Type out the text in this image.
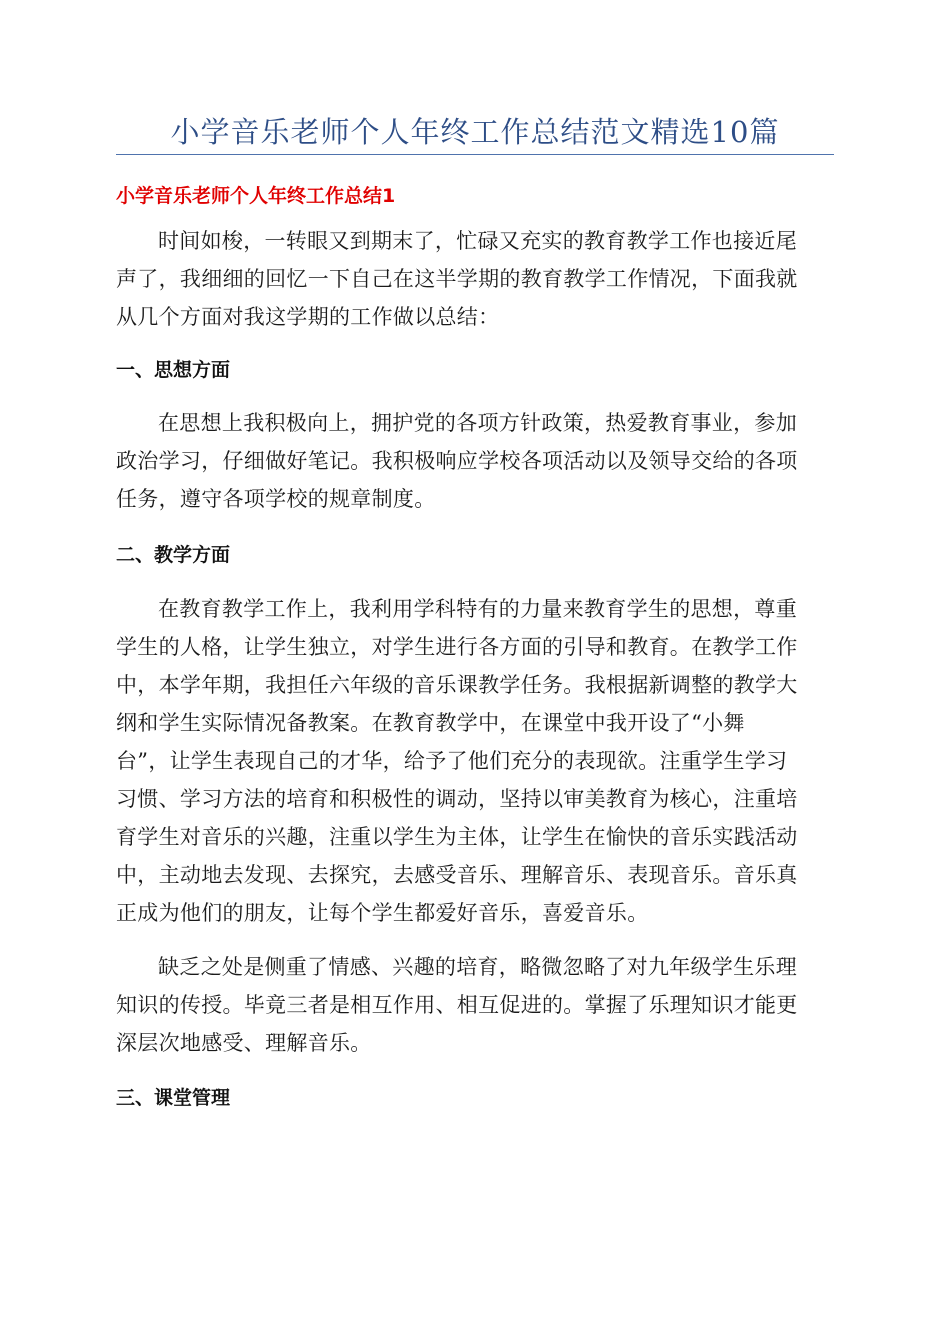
小学音乐老师个人年终工作总结范文精选10篇
小学音乐老师个人年终工作总结1

时间如梭，一转眼又到期末了，忙碌又充实的教育教学工作也接近尾
声了，我细细的回忆一下自己在这半学期的教育教学工作情况，下面我就
从几个方面对我这学期的工作做以总结：

一、思想方面

在思想上我积极向上，拥护党的各项方针政策，热爱教育事业，参加
政治学习，仔细做好笔记。我积极响应学校各项活动以及领导交给的各项
任务，遵守各项学校的规章制度。

二、教学方面

在教育教学工作上，我利用学科特有的力量来教育学生的思想，尊重
学生的人格，让学生独立，对学生进行各方面的引导和教育。在教学工作
中，本学年期，我担任六年级的音乐课教学任务。我根据新调整的教学大
纲和学生实际情况备教案。在教育教学中，在课堂中我开设了“小舞
台”，让学生表现自己的才华，给予了他们充分的表现欲。注重学生学习
习惯、学习方法的培育和积极性的调动，坚持以审美教育为核心，注重培
育学生对音乐的兴趣，注重以学生为主体，让学生在愉快的音乐实践活动
中，主动地去发现、去探究，去感受音乐、理解音乐、表现音乐。音乐真
正成为他们的朋友，让每个学生都爱好音乐，喜爱音乐。

缺乏之处是侧重了情感、兴趣的培育，略微忽略了对九年级学生乐理
知识的传授。毕竟三者是相互作用、相互促进的。掌握了乐理知识才能更
深层次地感受、理解音乐。

三、课堂管理
